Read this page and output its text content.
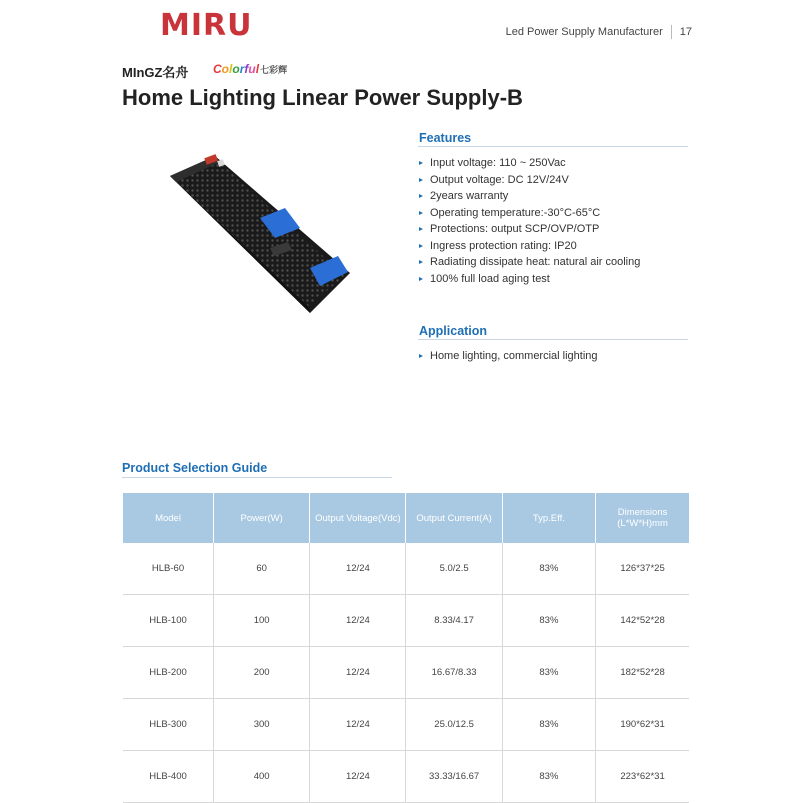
MIRU	Led Power Supply Manufacturer 17
MInGZ名舟 Colorful七彩辉
Home Lighting Linear Power Supply-B
Features
Input voltage: 110 ~ 250Vac
Output voltage: DC 12V/24V
2years warranty
Operating temperature:-30°C-65°C
Protections: output SCP/OVP/OTP
Ingress protection rating: IP20
Radiating dissipate heat: natural air cooling
100% full load aging test
Application
Home lighting, commercial lighting
Product Selection Guide
Model	Power(W)	Output Voltage(Vdc)	Output Current(A)	Typ.Eff.	Dimensions (L*W*H)mm
HLB-60	60	12/24	5.0/2.5	83%	126*37*25
HLB-100	100	12/24	8.33/4.17	83%	142*52*28
HLB-200	200	12/24	16.67/8.33	83%	182*52*28
HLB-300	300	12/24	25.0/12.5	83%	190*62*31
HLB-400	400	12/24	33.33/16.67	83%	223*62*31
